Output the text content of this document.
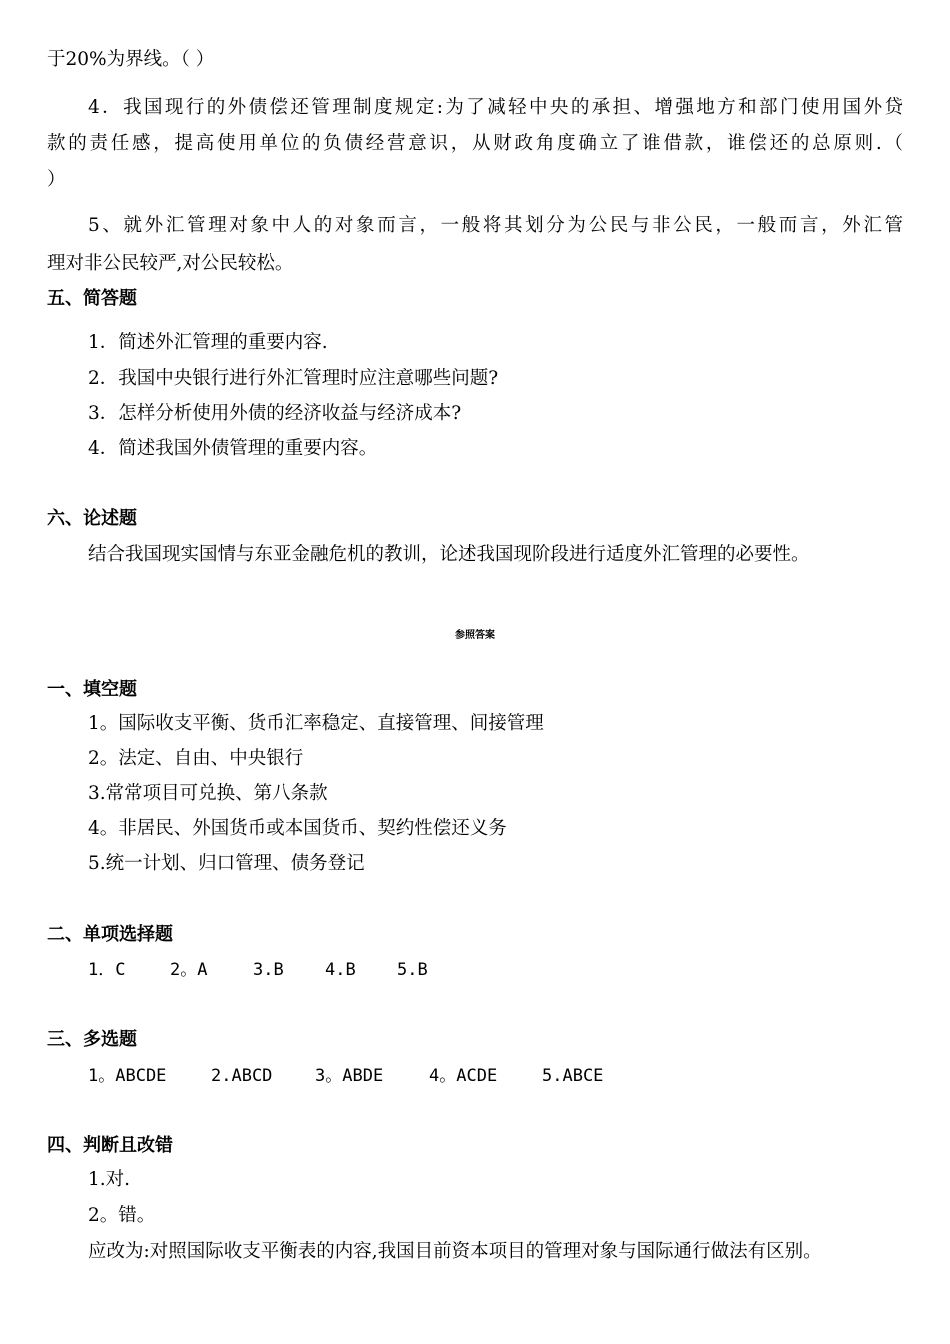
于20%为界线。（ ）
4．我国现行的外债偿还管理制度规定:为了减轻中央的承担、增强地方和部门使用国外贷
款的责任感，提高使用单位的负债经营意识，从财政角度确立了谁借款，谁偿还的总原则.（
）
5、就外汇管理对象中人的对象而言，一般将其划分为公民与非公民，一般而言，外汇管
理对非公民较严,对公民较松。
五、简答题
1．简述外汇管理的重要内容.
2．我国中央银行进行外汇管理时应注意哪些问题?
3．怎样分析使用外债的经济收益与经济成本?
4．简述我国外债管理的重要内容。
六、论述题
结合我国现实国情与东亚金融危机的教训，论述我国现阶段进行适度外汇管理的必要性。
参照答案
一、填空题
1。国际收支平衡、货币汇率稳定、直接管理、间接管理
2。法定、自由、中央银行
3.常常项目可兑换、第八条款
4。非居民、外国货币或本国货币、契约性偿还义务
5.统一计划、归口管理、债务登记
二、单项选择题
1．C	2。A	3.B 4.B 5.B
三、多选题
1。ABCDE	2.ABCD	3。ABDE	4。ACDE	5.ABCE
四、判断且改错
1.对.
2。错。
应改为:对照国际收支平衡表的内容,我国目前资本项目的管理对象与国际通行做法有区别。
